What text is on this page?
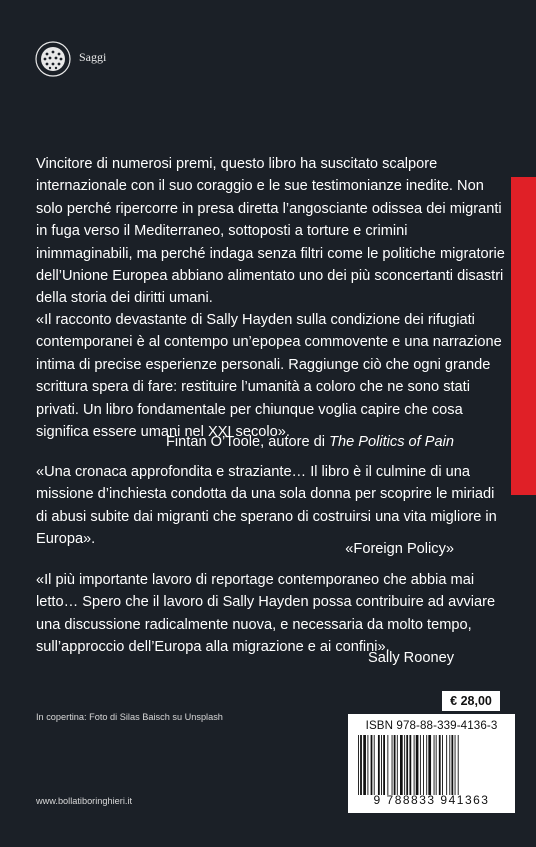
Saggi

Vincitore di numerosi premi, questo libro ha suscitato scalpore internazionale con il suo coraggio e le sue testimonianze inedite. Non solo perché ripercorre in presa diretta l’angosciante odissea dei migranti in fuga verso il Mediterraneo, sottoposti a torture e crimini inimmaginabili, ma perché indaga senza filtri come le politiche migratorie dell’Unione Europea abbiano alimentato uno dei più sconcertanti disastri della storia dei diritti umani.

«Il racconto devastante di Sally Hayden sulla condizione dei rifugiati contemporanei è al contempo un’epopea commovente e una narrazione intima di precise esperienze personali. Raggiunge ciò che ogni grande scrittura spera di fare: restituire l’umanità a coloro che ne sono stati privati. Un libro fondamentale per chiunque voglia capire che cosa significa essere umani nel XXI secolo».

Fintan O’Toole, autore di The Politics of Pain

«Una cronaca approfondita e straziante… Il libro è il culmine di una missione d’inchiesta condotta da una sola donna per scoprire le miriadi di abusi subite dai migranti che sperano di costruirsi una vita migliore in Europa».

«Foreign Policy»

«Il più importante lavoro di reportage contemporaneo che abbia mai letto… Spero che il lavoro di Sally Hayden possa contribuire ad avviare una discussione radicalmente nuova, e necessaria da molto tempo, sull’approccio dell’Europa alla migrazione e ai confini».

Sally Rooney

In copertina: Foto di Silas Baisch su Unsplash
www.bollatiboringhieri.it
€ 28,00
ISBN 978-88-339-4136-3
9 788833 941363
